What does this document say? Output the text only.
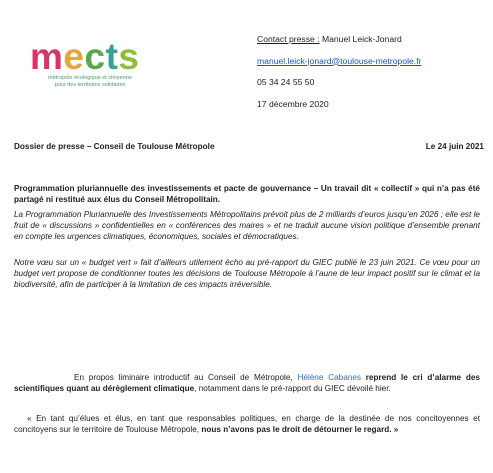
mects
métropole écologique et citoyenne
pour des territoires solidaires
Contact presse : Manuel Leick-Jonard
manuel.leick-jonard@toulouse-metropole.fr
05 34 24 55 50
17 décembre 2020
Dossier de presse – Conseil de Toulouse Métropole	Le 24 juin 2021
Programmation pluriannuelle des investissements et pacte de gouvernance – Un travail dit « collectif » qui n’a pas été partagé ni restitué aux élus du Conseil Métropolitain.
La Programmation Pluriannuelle des Investissements Métropolitains prévoit plus de 2 milliards d’euros jusqu’en 2026 ; elle est le fruit de « discussions » confidentielles en « conférences des maires » et ne traduit aucune vision politique d’ensemble prenant en compte les urgences climatiques, économiques, sociales et démocratiques.
Notre vœu sur un « budget vert » fait d’ailleurs utilement écho au pré-rapport du GIEC publié le 23 juin 2021. Ce vœu pour un budget vert propose de conditionner toutes les décisions de Toulouse Métropole à l’aune de leur impact positif sur le climat et la biodiversité, afin de participer à la limitation de ces impacts irréversible.
En propos liminaire introductif au Conseil de Métropole, Hélène Cabanes reprend le cri d’alarme des scientifiques quant au dérèglement climatique, notamment dans le pré-rapport du GIEC dévoilé hier.
« En tant qu’élues et élus, en tant que responsables politiques, en charge de la destinée de nos concitoyennes et concitoyens sur le territoire de Toulouse Métropole, nous n’avons pas le droit de détourner le regard. »
